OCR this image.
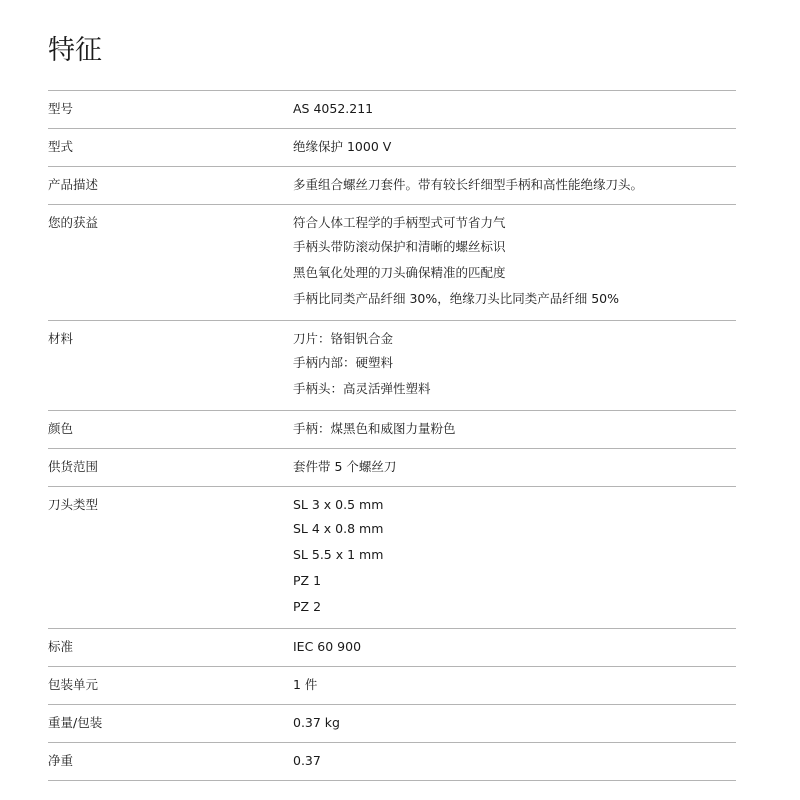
特征
型号	AS 4052.211
型式	绝缘保护 1000 V
产品描述	多重组合螺丝刀套件。带有较长纤细型手柄和高性能绝缘刀头。
您的获益	符合人体工程学的手柄型式可节省力气
手柄头带防滚动保护和清晰的螺丝标识
黑色氧化处理的刀头确保精准的匹配度
手柄比同类产品纤细 30%，绝缘刀头比同类产品纤细 50%
材料	刀片：铬钼钒合金
手柄内部：硬塑料
手柄头：高灵活弹性塑料
颜色	手柄：煤黑色和威图力量粉色
供货范围	套件带 5 个螺丝刀
刀头类型	SL 3 x 0.5 mm
SL 4 x 0.8 mm
SL 5.5 x 1 mm
PZ 1
PZ 2
标准	IEC 60 900
包装单元	1 件
重量/包装	0.37 kg
净重	0.37
